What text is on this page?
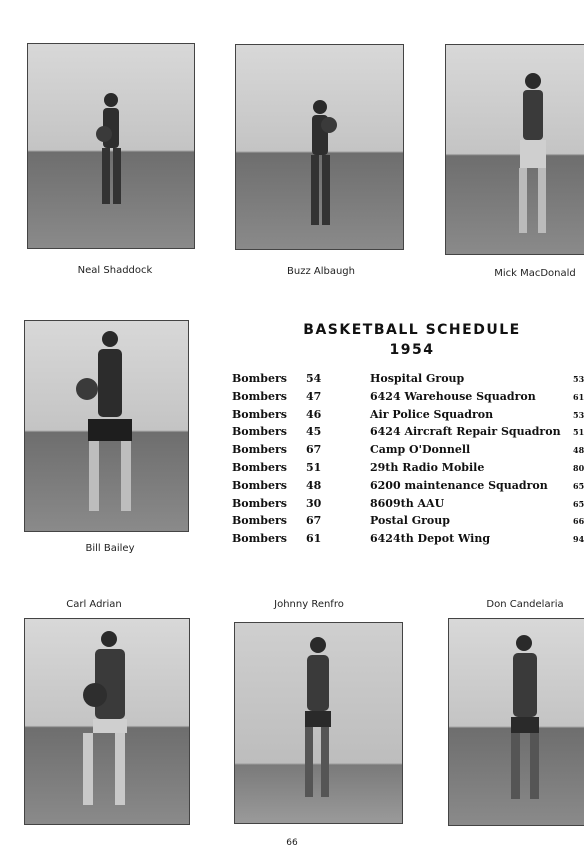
Neal Shaddock	Buzz Albaugh	Mick MacDonald
Bill Bailey
BASKETBALL SCHEDULE
1954
Bombers 54	Hospital Group	53
Bombers 47	6424 Warehouse Squadron	61
Bombers 46	Air Police Squadron	53
Bombers 45	6424 Aircraft Repair Squadron 51
Bombers 67	Camp O'Donnell	48
Bombers 51	29th Radio Mobile	80
Bombers 48	6200 maintenance Squadron	65
Bombers 30	8609th AAU	65
Bombers 67	Postal Group	66
Bombers 61	6424th Depot Wing	94
Carl Adrian	Johnny Renfro	Don Candelaria
66
